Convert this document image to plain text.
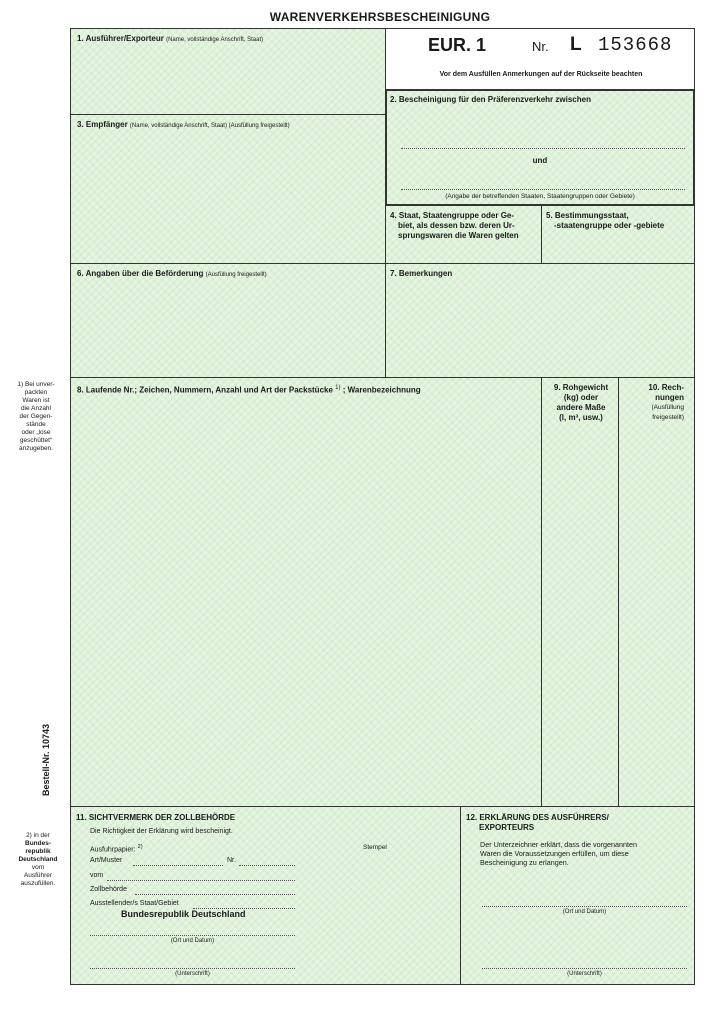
WARENVERKEHRSBESCHEINIGUNG
1) Bei unver-
packten
Waren ist
die Anzahl
der Gegen-
stände
oder „lose
geschüttet“
anzugeben.
Bestell-Nr. 10743
2) in der
Bundes-
republik
Deutschland
vom
Ausführer
auszufüllen.
1. Ausführer/Exporteur (Name, vollständige Anschrift, Staat)	EUR. 1	Nr. L 153668
Vor dem Ausfüllen Anmerkungen auf der Rückseite beachten
2. Bescheinigung für den Präferenzverkehr zwischen
und
(Angabe der betreffenden Staaten, Staatengruppen oder Gebiete)
3. Empfänger (Name, vollständige Anschrift, Staat) (Ausfüllung freigestellt)
4. Staat, Staatengruppe oder Ge-
biet, als dessen bzw. deren Ur-
sprungswaren die Waren gelten
5. Bestimmungsstaat,
-staatengruppe oder -gebiete
6. Angaben über die Beförderung (Ausfüllung freigestellt)	7. Bemerkungen
8. Laufende Nr.; Zeichen, Nummern, Anzahl und Art der Packstücke $^{1)}$ ; Warenbezeichnung	9. Rohgewicht
(kg) oder
andere Maße
(l, m³, usw.)
10. Rech-
nungen
(Ausfüllung
freigestellt)
11. SICHTVERMERK DER ZOLLBEHÖRDE
Die Richtigkeit der Erklärung wird bescheinigt.
Ausfuhrpapier: $^{2)}$
Art/Muster	Nr.
vom
Zollbehörde
Ausstellender/s Staat/Gebiet
Bundesrepublik Deutschland
(Ort und Datum)
(Unterschrift)
Stempel
12. ERKLÄRUNG DES AUSFÜHRERS/
EXPORTEURS
Der Unterzeichner erklärt, dass die vorgenannten
Waren die Voraussetzungen erfüllen, um diese
Bescheinigung zu erlangen.
(Ort und Datum)
(Unterschrift)
